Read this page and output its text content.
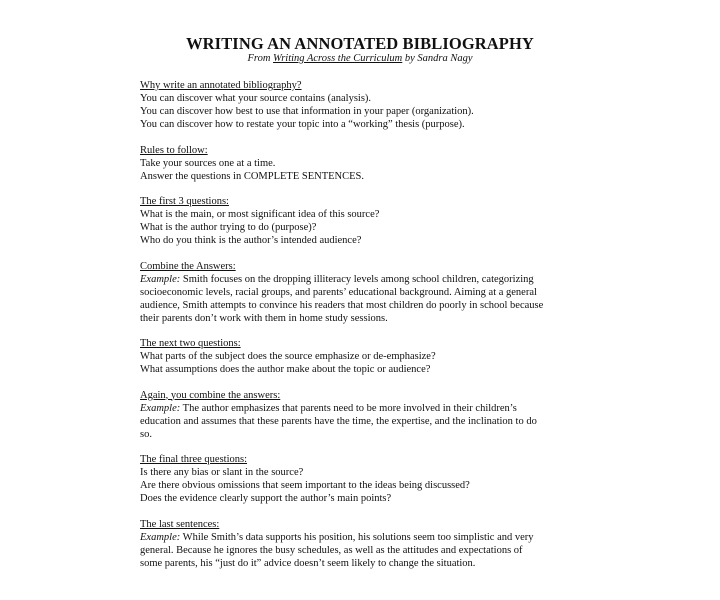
WRITING AN ANNOTATED BIBLIOGRAPHY
From Writing Across the Curriculum by Sandra Nagy
Why write an annotated bibliography?
You can discover what your source contains (analysis).
You can discover how best to use that information in your paper (organization).
You can discover how to restate your topic into a “working” thesis (purpose).
Rules to follow:
Take your sources one at a time.
Answer the questions in COMPLETE SENTENCES.
The first 3 questions:
What is the main, or most significant idea of this source?
What is the author trying to do (purpose)?
Who do you think is the author’s intended audience?
Combine the Answers:
Example: Smith focuses on the dropping illiteracy levels among school children, categorizing
socioeconomic levels, racial groups, and parents’ educational background. Aiming at a general
audience, Smith attempts to convince his readers that most children do poorly in school because
their parents don’t work with them in home study sessions.
The next two questions:
What parts of the subject does the source emphasize or de-emphasize?
What assumptions does the author make about the topic or audience?
Again, you combine the answers:
Example: The author emphasizes that parents need to be more involved in their children’s
education and assumes that these parents have the time, the expertise, and the inclination to do
so.
The final three questions:
Is there any bias or slant in the source?
Are there obvious omissions that seem important to the ideas being discussed?
Does the evidence clearly support the author’s main points?
The last sentences:
Example: While Smith’s data supports his position, his solutions seem too simplistic and very
general. Because he ignores the busy schedules, as well as the attitudes and expectations of
some parents, his “just do it” advice doesn’t seem likely to change the situation.
